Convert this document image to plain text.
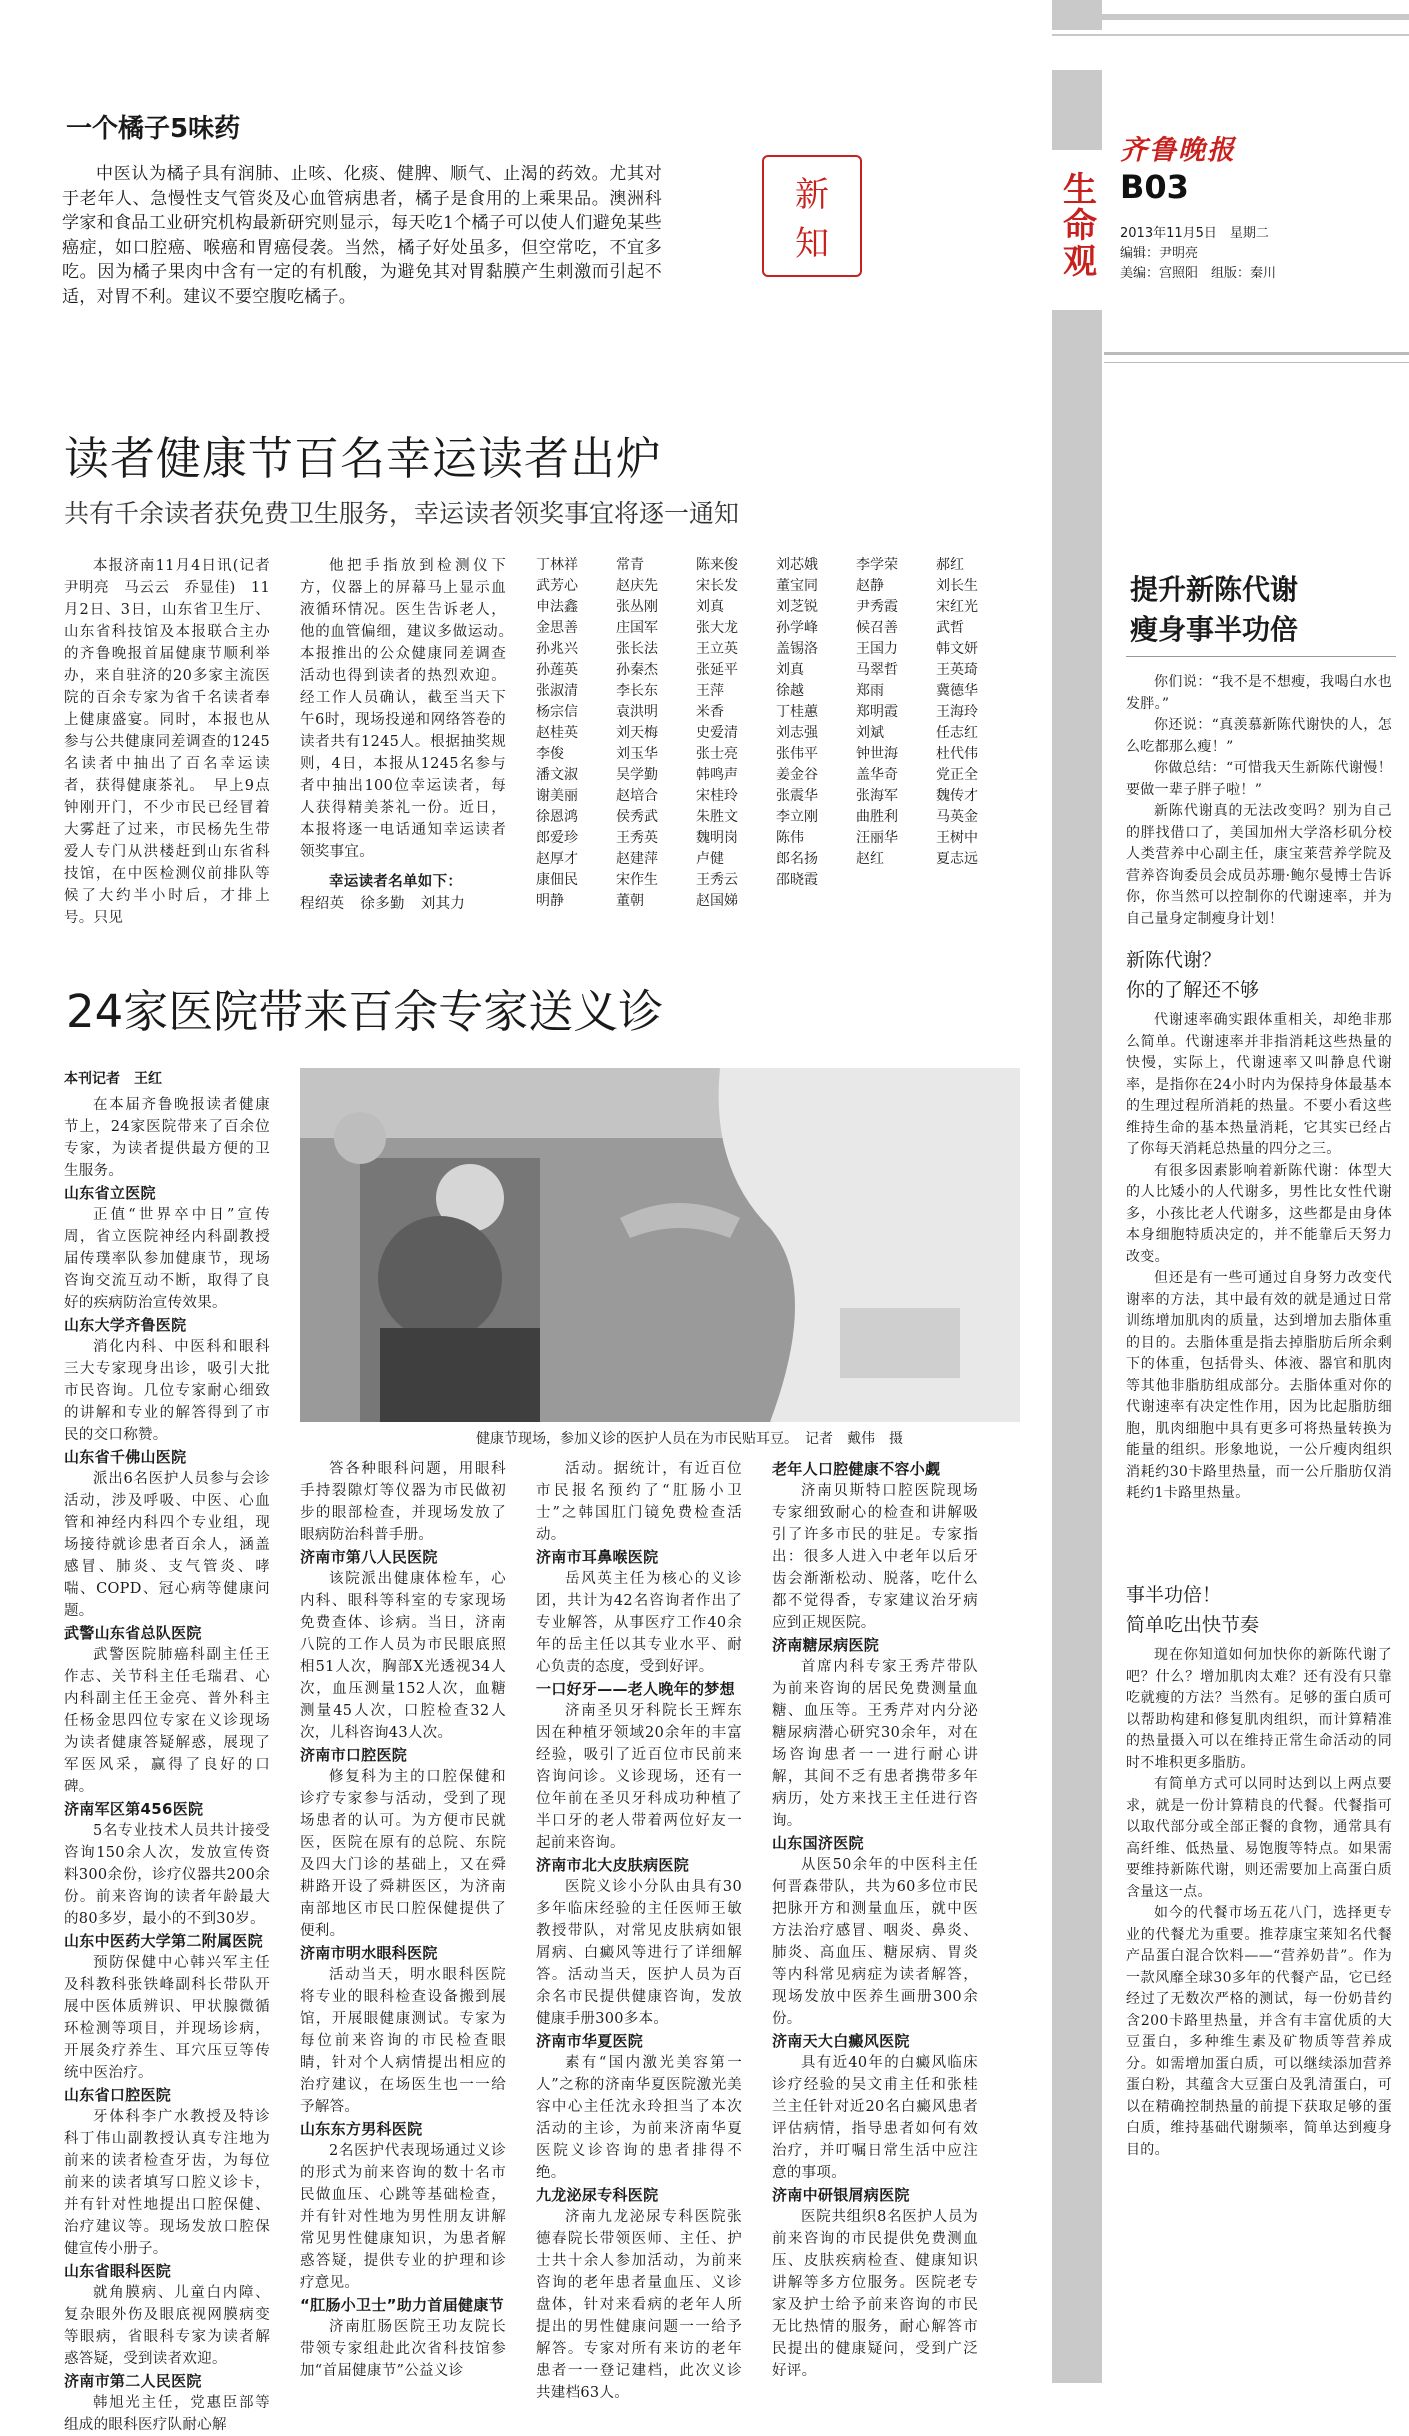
生命观
齐鲁晚报
B03
2013年11月5日　星期二
编辑：尹明亮
美编：宫照阳　组版：秦川
一个橘子5味药

中医认为橘子具有润肺、止咳、化痰、健脾、顺气、止渴的药效。尤其对于老年人、急慢性支气管炎及心血管病患者，橘子是食用的上乘果品。澳洲科学家和食品工业研究机构最新研究则显示，每天吃1个橘子可以使人们避免某些癌症，如口腔癌、喉癌和胃癌侵袭。当然，橘子好处虽多，但空常吃，不宜多吃。因为橘子果肉中含有一定的有机酸，为避免其对胃黏膜产生刺激而引起不适，对胃不利。建议不要空腹吃橘子。

新
知
读者健康节百名幸运读者出炉
共有千余读者获免费卫生服务，幸运读者领奖事宜将逐一通知

本报济南11月4日讯(记者　尹明亮　马云云　乔显佳)　11月2日、3日，山东省卫生厅、山东省科技馆及本报联合主办的齐鲁晚报首届健康节顺利举办，来自驻济的20多家主流医院的百余专家为省千名读者奉上健康盛宴。同时，本报也从参与公共健康同差调查的1245名读者中抽出了百名幸运读者，获得健康茶礼。　早上9点钟刚开门，不少市民已经冒着大雾赶了过来，市民杨先生带爱人专门从洪楼赶到山东省科技馆，在中医检测仪前排队等候了大约半小时后，才排上号。只见

他把手指放到检测仪下方，仪器上的屏幕马上显示血液循环情况。医生告诉老人，他的血管偏细，建议多做运动。　本报推出的公众健康同差调查活动也得到读者的热烈欢迎。经工作人员确认，截至当天下午6时，现场投递和网络答卷的读者共有1245人。根据抽奖规则，4日，本报从1245名参与者中抽出100位幸运读者，每人获得精美茶礼一份。近日，本报将逐一电话通知幸运读者领奖事宜。

幸运读者名单如下：

程绍英 徐多勤 刘其力
丁林祥	常青	陈来俊	刘芯娥	李学荣	郝红
武芳心	赵庆先	宋长发	董宝同	赵静	刘长生
申法鑫	张丛刚	刘真	刘芝锐	尹秀霞	宋红光
金思善	庄国军	张大龙	孙学峰	候召善	武哲
孙兆兴	张长法	王立英	盖锡洛	王国力	韩文妍
孙莲英	孙秦杰	张延平	刘真	马翠哲	王英琦
张淑清	李长东	王萍	徐越	郑雨	冀德华
杨宗信	袁洪明	米香	丁桂蕙	郑明霞	王海玲
赵桂英	刘天梅	史爱清	刘志强	刘斌	任志红
李俊	刘玉华	张士亮	张伟平	钟世海	杜代伟
潘文淑	吴学勤	韩鸣声	姜金谷	盖华奇	党正全
谢美丽	赵培合	宋桂玲	张震华	张海军	魏传才
徐恩鸿	侯秀武	朱胜文	李立刚	曲胜利	马英金
郎爱珍	王秀英	魏明岗	陈伟	汪丽华	王树中
赵厚才	赵建萍	卢健	郎名扬	赵红	夏志远
康佃民	宋作生	王秀云	邵晓霞
明静	董朝	赵国娣
24家医院带来百余专家送义诊
本刊记者　王红
健康节现场，参加义诊的医护人员在为市民贴耳豆。　记者　戴伟　摄

在本届齐鲁晚报读者健康节上，24家医院带来了百余位专家，为读者提供最方便的卫生服务。

山东省立医院

正值“世界卒中日”宣传周，省立医院神经内科副教授届传璞率队参加健康节，现场咨询交流互动不断，取得了良好的疾病防治宣传效果。

山东大学齐鲁医院

消化内科、中医科和眼科三大专家现身出诊，吸引大批市民咨询。几位专家耐心细致的讲解和专业的解答得到了市民的交口称赞。

山东省千佛山医院

派出6名医护人员参与会诊活动，涉及呼吸、中医、心血管和神经内科四个专业组，现场接待就诊患者百余人，涵盖感冒、肺炎、支气管炎、哮喘、COPD、冠心病等健康问题。

武警山东省总队医院

武警医院肺癌科副主任王作志、关节科主任毛瑞君、心内科副主任王金亮、普外科主任杨金思四位专家在义诊现场为读者健康答疑解惑，展现了军医风采，赢得了良好的口碑。

济南军区第456医院

5名专业技术人员共计接受咨询150余人次，发放宣传资料300余份，诊疗仪器共200余份。前来咨询的读者年龄最大的80多岁，最小的不到30岁。

山东中医药大学第二附属医院

预防保健中心韩兴军主任及科教科张铁峰副科长带队开展中医体质辨识、甲状腺微循环检测等项目，并现场诊病，开展灸疗养生、耳穴压豆等传统中医治疗。

山东省口腔医院

牙体科李广水教授及特诊科丁伟山副教授认真专注地为前来的读者检查牙齿，为每位前来的读者填写口腔义诊卡，并有针对性地提出口腔保健、治疗建议等。现场发放口腔保健宣传小册子。

山东省眼科医院

就角膜病、儿童白内障、复杂眼外伤及眼底视网膜病变等眼病，省眼科专家为读者解惑答疑，受到读者欢迎。

济南市第二人民医院

韩旭光主任，党惠臣部等组成的眼科医疗队耐心解

答各种眼科问题，用眼科手持裂隙灯等仪器为市民做初步的眼部检查，并现场发放了眼病防治科普手册。

济南市第八人民医院

该院派出健康体检车，心内科、眼科等科室的专家现场免费查体、诊病。当日，济南八院的工作人员为市民眼底照相51人次，胸部X光透视34人次，血压测量152人次，血糖测量45人次，口腔检查32人次，儿科咨询43人次。

济南市口腔医院

修复科为主的口腔保健和诊疗专家参与活动，受到了现场患者的认可。为方便市民就医，医院在原有的总院、东院及四大门诊的基础上，又在舜耕路开设了舜耕医区，为济南南部地区市民口腔保健提供了便利。

济南市明水眼科医院

活动当天，明水眼科医院将专业的眼科检查设备搬到展馆，开展眼健康测试。专家为每位前来咨询的市民检查眼睛，针对个人病情提出相应的治疗建议，在场医生也一一给予解答。

山东东方男科医院

2名医护代表现场通过义诊的形式为前来咨询的数十名市民做血压、心跳等基础检查，并有针对性地为男性朋友讲解常见男性健康知识，为患者解惑答疑，提供专业的护理和诊疗意见。

“肛肠小卫士”助力首届健康节

济南肛肠医院王功友院长带领专家组赴此次省科技馆参加“首届健康节”公益义诊

活动。据统计，有近百位市民报名预约了“肛肠小卫士”之韩国肛门镜免费检查活动。

济南市耳鼻喉医院

岳风英主任为核心的义诊团，共计为42名咨询者作出了专业解答，从事医疗工作40余年的岳主任以其专业水平、耐心负责的态度，受到好评。

一口好牙——老人晚年的梦想

济南圣贝牙科院长王辉东因在种植牙领域20余年的丰富经验，吸引了近百位市民前来咨询问诊。义诊现场，还有一位年前在圣贝牙科成功种植了半口牙的老人带着两位好友一起前来咨询。

济南市北大皮肤病医院

医院义诊小分队由具有30多年临床经验的主任医师王敏教授带队，对常见皮肤病如银屑病、白癜风等进行了详细解答。活动当天，医护人员为百余名市民提供健康咨询，发放健康手册300多本。

济南市华夏医院

素有“国内激光美容第一人”之称的济南华夏医院激光美容中心主任沈永玲担当了本次活动的主诊，为前来济南华夏医院义诊咨询的患者排得不绝。

九龙泌尿专科医院

济南九龙泌尿专科医院张德春院长带领医师、主任、护士共十余人参加活动，为前来咨询的老年患者量血压、义诊盘体，针对来看病的老年人所提出的男性健康问题一一给予解答。专家对所有来访的老年患者一一登记建档，此次义诊共建档63人。

老年人口腔健康不容小觑

济南贝斯特口腔医院现场专家细致耐心的检查和讲解吸引了许多市民的驻足。专家指出：很多人进入中老年以后牙齿会渐渐松动、脱落，吃什么都不觉得香，专家建议治牙病应到正规医院。

济南糖尿病医院

首席内科专家王秀芹带队为前来咨询的居民免费测量血糖、血压等。王秀芹对内分泌糖尿病潜心研究30余年，对在场咨询患者一一进行耐心讲解，其间不乏有患者携带多年病历，处方来找王主任进行咨询。

山东国济医院

从医50余年的中医科主任何晋森带队，共为60多位市民把脉开方和测量血压，就中医方法治疗感冒、咽炎、鼻炎、肺炎、高血压、糖尿病、胃炎等内科常见病症为读者解答，现场发放中医养生画册300余份。

济南天大白癜风医院

具有近40年的白癜风临床诊疗经验的吴文甫主任和张桂兰主任针对近20名白癜风患者评估病情，指导患者如何有效治疗，并叮嘱日常生活中应注意的事项。

济南中研银屑病医院

医院共组织8名医护人员为前来咨询的市民提供免费测血压、皮肤疾病检查、健康知识讲解等多方位服务。医院老专家及护士给予前来咨询的市民无比热情的服务，耐心解答市民提出的健康疑问，受到广泛好评。

提升新陈代谢
瘦身事半功倍

你们说：“我不是不想瘦，我喝白水也发胖。”

你还说：“真羡慕新陈代谢快的人，怎么吃都那么瘦！”

你做总结：“可惜我天生新陈代谢慢！要做一辈子胖子啦！”

新陈代谢真的无法改变吗？别为自己的胖找借口了，美国加州大学洛杉矶分校人类营养中心副主任，康宝莱营养学院及营养咨询委员会成员苏珊·鲍尔曼博士告诉你，你当然可以控制你的代谢速率，并为自己量身定制瘦身计划！

新陈代谢？
你的了解还不够

代谢速率确实跟体重相关，却绝非那么简单。代谢速率并非指消耗这些热量的快慢，实际上，代谢速率又叫静息代谢率，是指你在24小时内为保持身体最基本的生理过程所消耗的热量。不要小看这些维持生命的基本热量消耗，它其实已经占了你每天消耗总热量的四分之三。

有很多因素影响着新陈代谢：体型大的人比矮小的人代谢多，男性比女性代谢多，小孩比老人代谢多，这些都是由身体本身细胞特质决定的，并不能靠后天努力改变。

但还是有一些可通过自身努力改变代谢率的方法，其中最有效的就是通过日常训练增加肌肉的质量，达到增加去脂体重的目的。去脂体重是指去掉脂肪后所余剩下的体重，包括骨头、体液、器官和肌肉等其他非脂肪组成部分。去脂体重对你的代谢速率有决定性作用，因为比起脂肪细胞，肌肉细胞中具有更多可将热量转换为能量的组织。形象地说，一公斤瘦肉组织消耗约30卡路里热量，而一公斤脂肪仅消耗约1卡路里热量。

事半功倍！
简单吃出快节奏

现在你知道如何加快你的新陈代谢了吧？什么？增加肌肉太难？还有没有只靠吃就瘦的方法？当然有。足够的蛋白质可以帮助构建和修复肌肉组织，而计算精准的热量摄入可以在维持正常生命活动的同时不堆积更多脂肪。

有简单方式可以同时达到以上两点要求，就是一份计算精良的代餐。代餐指可以取代部分或全部正餐的食物，通常具有高纤维、低热量、易饱腹等特点。如果需要维持新陈代谢，则还需要加上高蛋白质含量这一点。

如今的代餐市场五花八门，选择更专业的代餐尤为重要。推荐康宝莱知名代餐产品蛋白混合饮料——“营养奶昔”。作为一款风靡全球30多年的代餐产品，它已经经过了无数次严格的测试，每一份奶昔约含200卡路里热量，并含有丰富优质的大豆蛋白，多种维生素及矿物质等营养成分。如需增加蛋白质，可以继续添加营养蛋白粉，其蕴含大豆蛋白及乳清蛋白，可以在精确控制热量的前提下获取足够的蛋白质，维持基础代谢频率，简单达到瘦身目的。
